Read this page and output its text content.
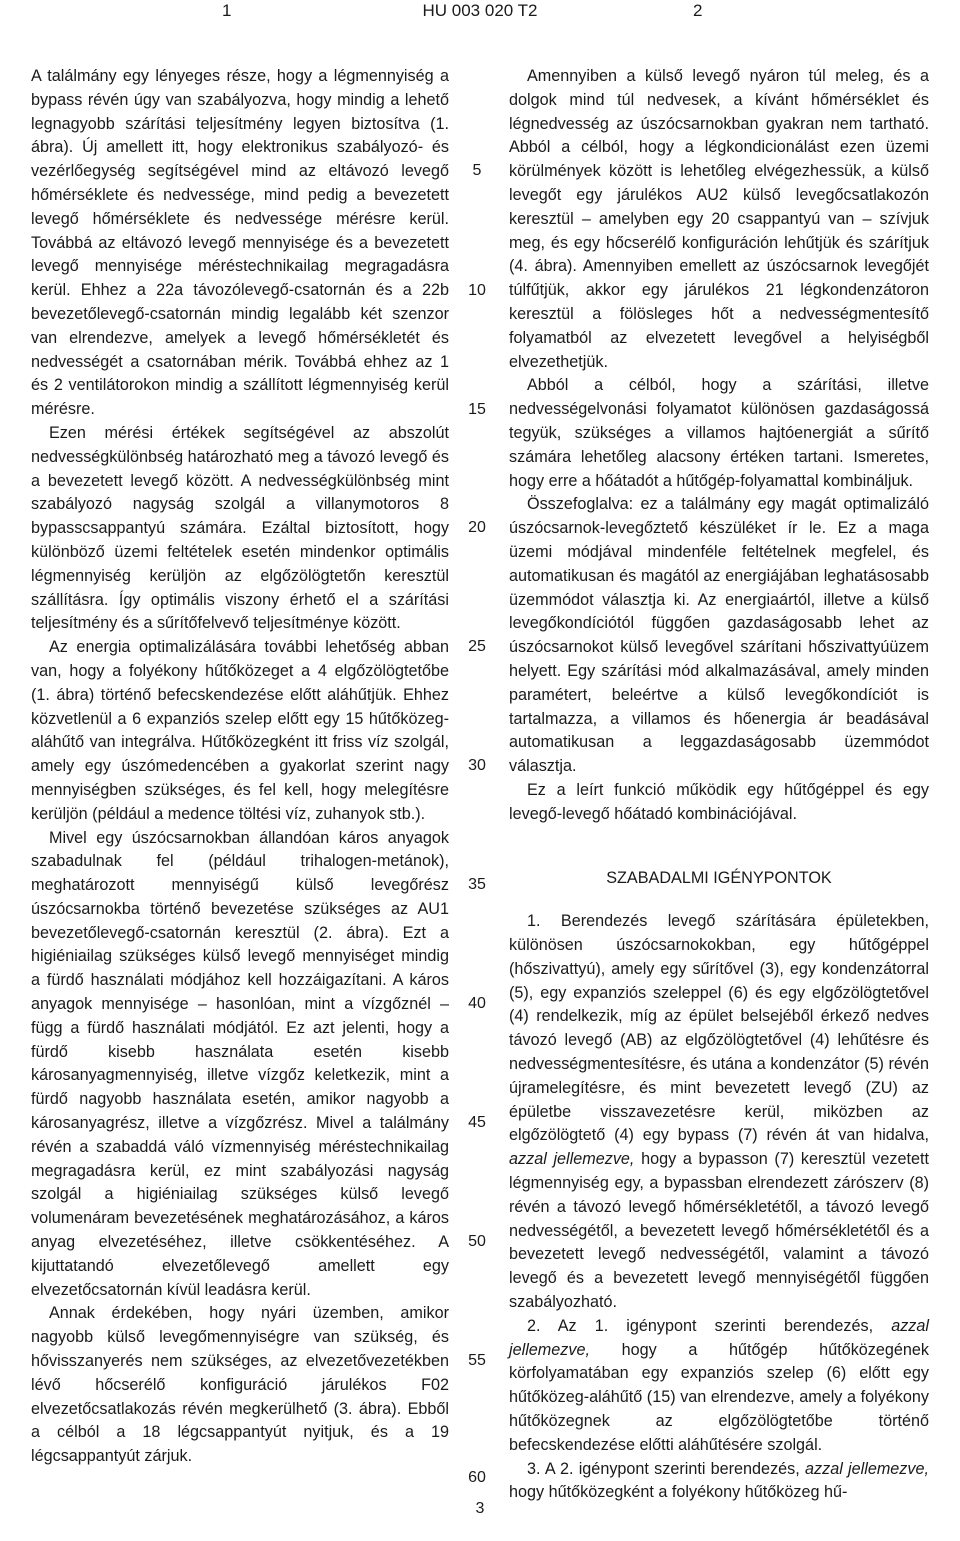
1	HU 003 020 T2	2

A találmány egy lényeges része, hogy a légmennyiség a bypass révén úgy van szabályozva, hogy mindig a lehető legnagyobb szárítási teljesítmény legyen biztosítva (1. ábra). Új amellett itt, hogy elektronikus szabályozó- és vezérlőegység segítségével mind az eltávozó levegő hőmérséklete és nedvessége, mind pedig a bevezetett levegő hőmérséklete és nedvessége mérésre kerül. Továbbá az eltávozó levegő mennyisége és a bevezetett levegő mennyisége méréstechnikailag megragadásra kerül. Ehhez a 22a távozólevegő-csatornán és a 22b bevezetőlevegő-csatornán mindig legalább két szenzor van elrendezve, amelyek a levegő hőmérsékletét és nedvességét a csatornában mérik. Továbbá ehhez az 1 és 2 ventilátorokon mindig a szállított légmennyiség kerül mérésre.

Ezen mérési értékek segítségével az abszolút nedvességkülönbség határozható meg a távozó levegő és a bevezetett levegő között. A nedvességkülönbség mint szabályozó nagyság szolgál a villanymotoros 8 bypasscsappantyú számára. Ezáltal biztosított, hogy különböző üzemi feltételek esetén mindenkor optimális légmennyiség kerüljön az elgőzölögtetőn keresztül szállításra. Így optimális viszony érhető el a szárítási teljesítmény és a sűrítőfelvevő teljesítménye között.

Az energia optimalizálására további lehetőség abban van, hogy a folyékony hűtőközeget a 4 elgőzölögtetőbe (1. ábra) történő befecskendezése előtt aláhűtjük. Ehhez közvetlenül a 6 expanziós szelep előtt egy 15 hűtőközeg-aláhűtő van integrálva. Hűtőközegként itt friss víz szolgál, amely egy úszómedencében a gyakorlat szerint nagy mennyiségben szükséges, és fel kell, hogy melegítésre kerüljön (például a medence töltési víz, zuhanyok stb.).

Mivel egy úszócsarnokban állandóan káros anyagok szabadulnak fel (például trihalogen-metánok), meghatározott mennyiségű külső levegőrész úszócsarnokba történő bevezetése szükséges az AU1 bevezetőlevegő-csatornán keresztül (2. ábra). Ezt a higiéniailag szükséges külső levegő mennyiséget mindig a fürdő használati módjához kell hozzáigazítani. A káros anyagok mennyisége – hasonlóan, mint a vízgőznél – függ a fürdő használati módjától. Ez azt jelenti, hogy a fürdő kisebb használata esetén kisebb károsanyagmennyiség, illetve vízgőz keletkezik, mint a fürdő nagyobb használata esetén, amikor nagyobb a károsanyagrész, illetve a vízgőzrész. Mivel a találmány révén a szabaddá váló vízmennyiség méréstechnikailag megragadásra kerül, ez mint szabályozási nagyság szolgál a higiéniailag szükséges külső levegő volumenáram bevezetésének meghatározásához, a káros anyag elvezetéséhez, illetve csökkentéséhez. A kijuttatandó elvezetőlevegő amellett egy elvezetőcsatornán kívül leadásra kerül.

Annak érdekében, hogy nyári üzemben, amikor nagyobb külső levegőmennyiségre van szükség, és hővisszanyerés nem szükséges, az elvezetővezetékben lévő hőcserélő konfiguráció járulékos F02 elvezetőcsatlakozás révén megkerülhető (3. ábra). Ebből a célból a 18 légcsappantyút nyitjuk, és a 19 légcsappantyút zárjuk.

5
10
15
20
25
30
35
40
45
50
55
60

Amennyiben a külső levegő nyáron túl meleg, és a dolgok mind túl nedvesek, a kívánt hőmérséklet és légnedvesség az úszócsarnokban gyakran nem tartható. Abból a célból, hogy a légkondicionálást ezen üzemi körülmények között is lehetőleg elvégezhessük, a külső levegőt egy járulékos AU2 külső levegőcsatlakozón keresztül – amelyben egy 20 csappantyú van – szívjuk meg, és egy hőcserélő konfiguráción lehűtjük és szárítjuk (4. ábra). Amennyiben emellett az úszócsarnok levegőjét túlfűtjük, akkor egy járulékos 21 légkondenzátoron keresztül a fölösleges hőt a nedvességmentesítő folyamatból az elvezetett levegővel a helyiségből elvezethetjük.

Abból a célból, hogy a szárítási, illetve nedvességelvonási folyamatot különösen gazdaságossá tegyük, szükséges a villamos hajtóenergiát a sűrítő számára lehetőleg alacsony értéken tartani. Ismeretes, hogy erre a hőátadót a hűtőgép-folyamattal kombináljuk.

Összefoglalva: ez a találmány egy magát optimalizáló úszócsarnok-levegőztető készüléket ír le. Ez a maga üzemi módjával mindenféle feltételnek megfelel, és automatikusan és magától az energiájában leghatásosabb üzemmódot választja ki. Az energiaártól, illetve a külső levegőkondíciótól függően gazdaságosabb lehet az úszócsarnokot külső levegővel szárítani hőszivattyúüzem helyett. Egy szárítási mód alkalmazásával, amely minden paramétert, beleértve a külső levegőkondíciót is tartalmazza, a villamos és hőenergia ár beadásával automatikusan a leggazdaságosabb üzemmódot választja.

Ez a leírt funkció működik egy hűtőgéppel és egy levegő-levegő hőátadó kombinációjával.

SZABADALMI IGÉNYPONTOK

1. Berendezés levegő szárítására épületekben, különösen úszócsarnokokban, egy hűtőgéppel (hőszivattyú), amely egy sűrítővel (3), egy kondenzátorral (5), egy expanziós szeleppel (6) és egy elgőzölögtetővel (4) rendelkezik, míg az épület belsejéből érkező nedves távozó levegő (AB) az elgőzölögtetővel (4) lehűtésre és nedvességmentesítésre, és utána a kondenzátor (5) révén újramelegítésre, és mint bevezetett levegő (ZU) az épületbe visszavezetésre kerül, miközben az elgőzölögtető (4) egy bypass (7) révén át van hidalva, azzal jellemezve, hogy a bypasson (7) keresztül vezetett légmennyiség egy, a bypassban elrendezett zárószerv (8) révén a távozó levegő hőmérsékletétől, a távozó levegő nedvességétől, a bevezetett levegő hőmérsékletétől és a bevezetett levegő nedvességétől, valamint a távozó levegő és a bevezetett levegő mennyiségétől függően szabályozható.

2. Az 1. igénypont szerinti berendezés, azzal jellemezve, hogy a hűtőgép hűtőközegének körfolyamatában egy expanziós szelep (6) előtt egy hűtőközeg-aláhűtő (15) van elrendezve, amely a folyékony hűtőközegnek az elgőzölögtetőbe történő befecskendezése előtti aláhűtésére szolgál.

3. A 2. igénypont szerinti berendezés, azzal jellemezve, hogy hűtőközegként a folyékony hűtőközeg hű-

3
